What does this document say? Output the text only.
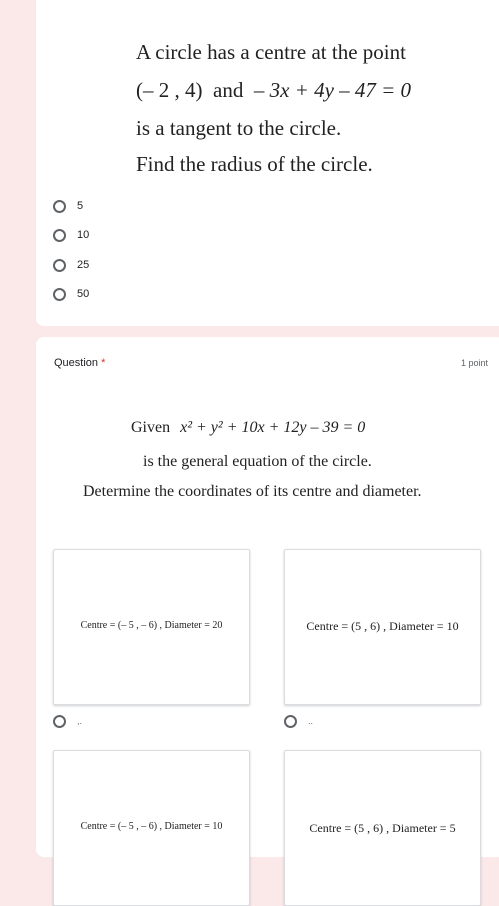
A circle has a centre at the point
(– 2 , 4) and – 3x + 4y – 47 = 0
is a tangent to the circle.
Find the radius of the circle.
5
10
25
50
Question *	1 point
Given x² + y² + 10x + 12y – 39 = 0
is the general equation of the circle.
Determine the coordinates of its centre and diameter.
Centre = (– 5 , – 6) , Diameter = 20	Centre = (5 , 6) , Diameter = 10
,.	..
Centre = (– 5 , – 6) , Diameter = 10	Centre = (5 , 6) , Diameter = 5
